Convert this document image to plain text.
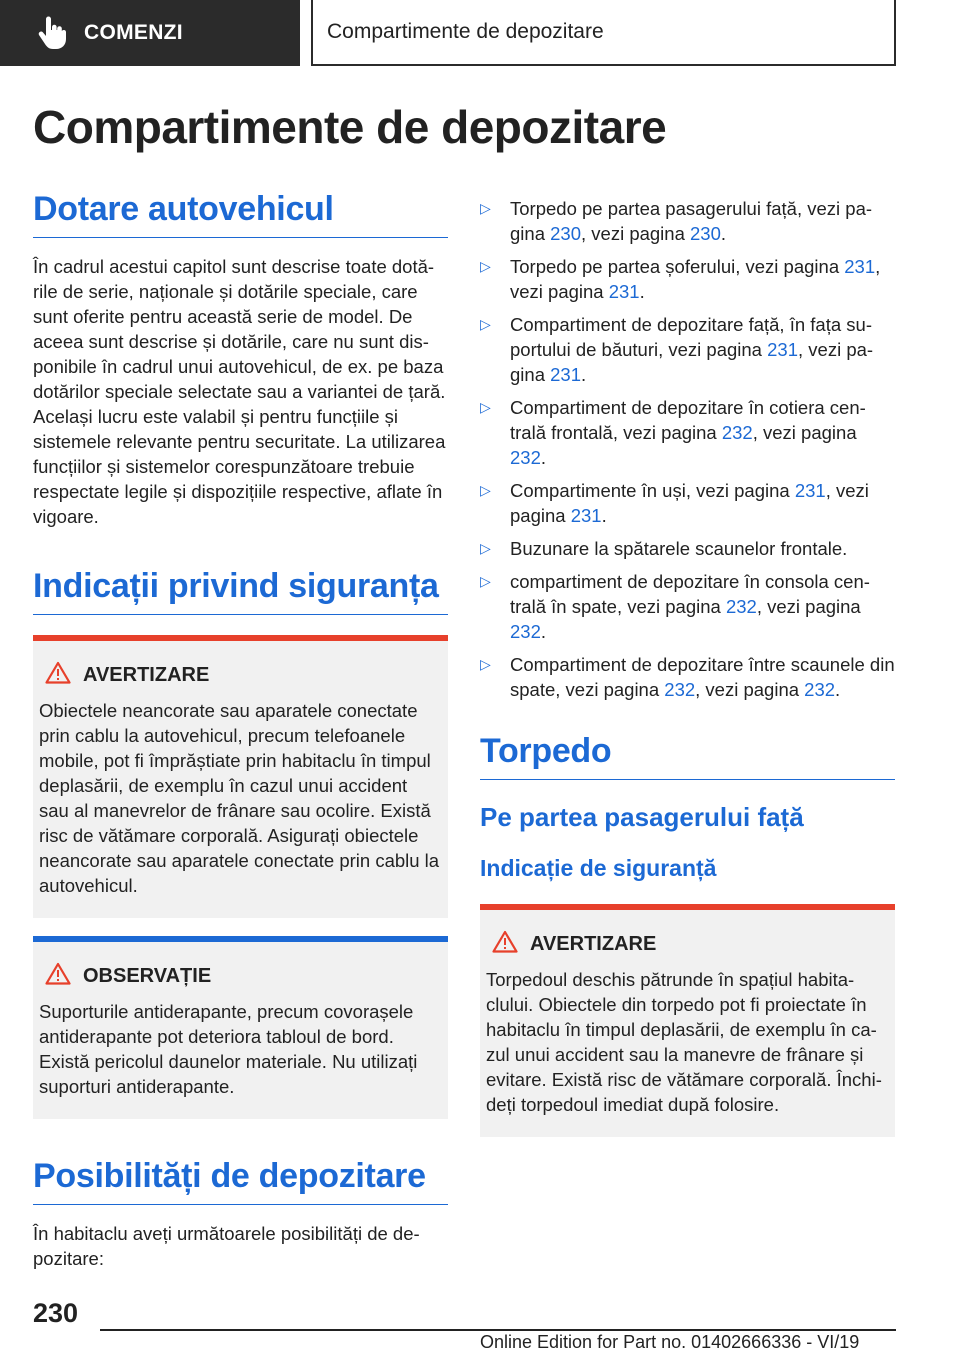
COMENZI	Compartimente de depozitare
Compartimente de depozitare
Dotare autovehicul

În cadrul acestui capitol sunt descrise toate dotările de serie, naționale și dotările speciale, care sunt oferite pentru această serie de model. De aceea sunt descrise și dotările, care nu sunt disponibile în cadrul unui autovehicul, de ex. pe baza dotărilor speciale selectate sau a variantei de țară. Același lucru este valabil și pentru funcțiile și sistemele relevante pentru securitate. La utilizarea funcțiilor și sistemelor corespunzătoare trebuie respectate legile și dispozițiile respective, aflate în vigoare.

Indicații privind siguranța
AVERTIZARE
Obiectele neancorate sau aparatele conectate prin cablu la autovehicul, precum telefoanele mobile, pot fi împrăștiate prin habitaclu în timpul deplasării, de exemplu în cazul unui accident sau al manevrelor de frânare sau ocolire. Există risc de vătămare corporală. Asigurați obiectele neancorate sau aparatele conectate prin cablu la autovehicul.
OBSERVAȚIE
Suporturile antiderapante, precum covorașele antiderapante pot deteriora tabloul de bord. Există pericolul daunelor materiale. Nu utilizați suporturi antiderapante.
Posibilități de depozitare

În habitaclu aveți următoarele posibilități de depozitare:

▷ Torpedo pe partea pasagerului față, vezi pagina 230, vezi pagina 230.
▷ Torpedo pe partea șoferului, vezi pagina 231, vezi pagina 231.
▷ Compartiment de depozitare față, în fața suportului de băuturi, vezi pagina 231, vezi pagina 231.
▷ Compartiment de depozitare în cotiera centrală frontală, vezi pagina 232, vezi pagina 232.
▷ Compartimente în uși, vezi pagina 231, vezi pagina 231.
▷ Buzunare la spătarele scaunelor frontale.
▷ compartiment de depozitare în consola centrală în spate, vezi pagina 232, vezi pagina 232.
▷ Compartiment de depozitare între scaunele din spate, vezi pagina 232, vezi pagina 232.
Torpedo
Pe partea pasagerului față
Indicație de siguranță
AVERTIZARE
Torpedoul deschis pătrunde în spațiul habitaclului. Obiectele din torpedo pot fi proiectate în habitaclu în timpul deplasării, de exemplu în cazul unui accident sau la manevre de frânare și evitare. Există risc de vătămare corporală. Închideți torpedoul imediat după folosire.
230
Online Edition for Part no. 01402666336 - VI/19
